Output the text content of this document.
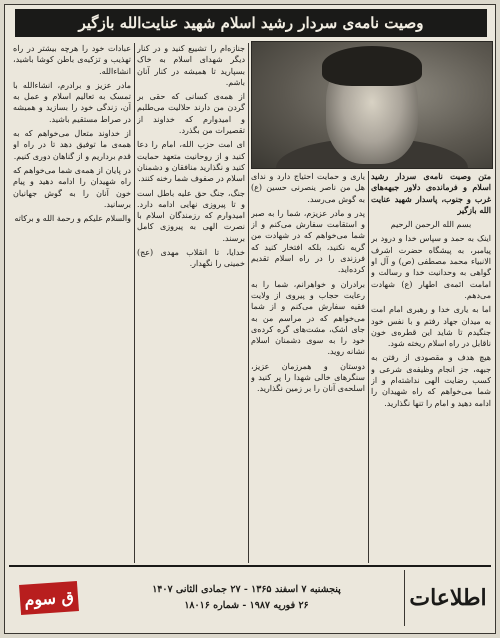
وصیت نامه‌ی سردار رشید اسلام شهید عنایت‌الله بازگیر

متن وصیت نامه‌ی سردار رشید اسلام و فرمانده‌ی دلاور جبهه‌های غرب و جنوب، پاسدار شهید عنایت الله بازگیر

بسم الله الرحمن الرحیم

اینک به حمد و سپاس خدا و درود بر پیامبر، به پیشگاه حضرت اشرف الانبیاء محمد مصطفی (ص) و آل او گواهی به وحدانیت خدا و رسالت و امامت ائمه‌ی اطهار (ع) شهادت می‌دهم.

اما به یاری خدا و رهبری امام امت به میدان جهاد رفتم و با نفس خود جنگیدم تا شاید این قطره‌ی خون ناقابل در راه اسلام ریخته شود.

هیچ هدف و مقصودی از رفتن به جبهه، جز انجام وظیفه‌ی شرعی و کسب رضایت الهی نداشته‌ام و از شما می‌خواهم که راه شهیدان را ادامه دهید و امام را تنها نگذارید.

یاری و حمایت احتیاج دارد و ندای هل من ناصر ینصرنی حسین (ع) به گوش می‌رسد.

پدر و مادر عزیزم، شما را به صبر و استقامت سفارش می‌کنم و از شما می‌خواهم که در شهادت من گریه نکنید، بلکه افتخار کنید که فرزندی را در راه اسلام تقدیم کرده‌اید.

برادران و خواهرانم، شما را به رعایت حجاب و پیروی از ولایت فقیه سفارش می‌کنم و از شما می‌خواهم که در مراسم من به جای اشک، مشت‌های گره کرده‌ی خود را به سوی دشمنان اسلام نشانه روید.

دوستان و همرزمان عزیز، سنگرهای خالی شهدا را پر کنید و اسلحه‌ی آنان را بر زمین نگذارید.

جنازه‌ام را تشییع کنید و در کنار دیگر شهدای اسلام به خاک بسپارید تا همیشه در کنار آنان باشم.

از همه‌ی کسانی که حقی بر گردن من دارند حلالیت می‌طلبم و امیدوارم که خداوند از تقصیرات من بگذرد.

ای امت حزب الله، امام را دعا کنید و از روحانیت متعهد حمایت کنید و نگذارید منافقان و دشمنان اسلام در صفوف شما رخنه کنند.

جنگ، جنگ حق علیه باطل است و تا پیروزی نهایی ادامه دارد. امیدوارم که رزمندگان اسلام با نصرت الهی به پیروزی کامل برسند.

خدایا، تا انقلاب مهدی (عج) خمینی را نگهدار.

عبادات خود را هرچه بیشتر در راه تهذیب و تزکیه‌ی باطن کوشا باشید، انشاءالله.

مادر عزیز و برادرم، انشاءالله با تمسک به تعالیم اسلام و عمل به آن، زندگی خود را بسازید و همیشه در صراط مستقیم باشید.

از خداوند متعال می‌خواهم که به همه‌ی ما توفیق دهد تا در راه او قدم برداریم و از گناهان دوری کنیم.

در پایان از همه‌ی شما می‌خواهم که راه شهیدان را ادامه دهید و پیام خون آنان را به گوش جهانیان برسانید.

والسلام علیکم و رحمة الله و برکاته

اطلاعات
پنجشنبه ۷ اسفند ۱۳۶۵ - ۲۷ جمادی الثانی ۱۴۰۷
۲۶ فوریه ۱۹۸۷ - شماره ۱۸۰۱۶
ق سوم
